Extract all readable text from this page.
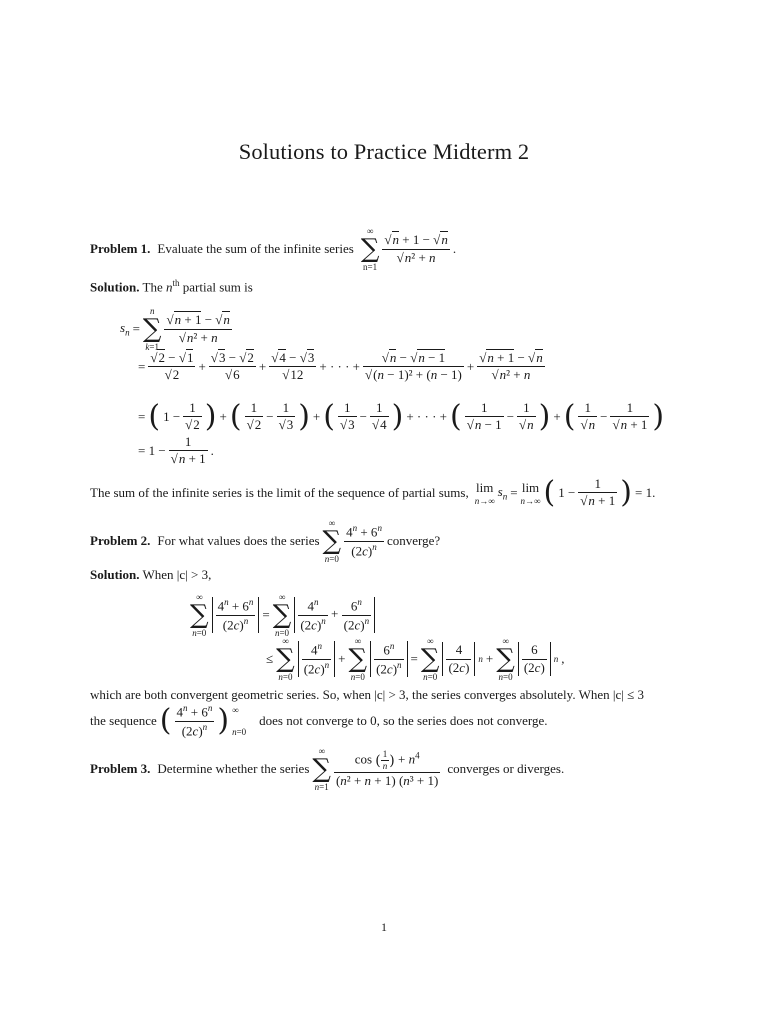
Solutions to Practice Midterm 2
Problem 1. Evaluate the sum of the infinite series
∞
∑
n=1
$\frac{√n + 1 - √n}{\text{√n² + n}}$ .
Solution. The $n^{th}$ partial sum is
$s_n$ =
n
∑
k=1
$\frac{√n + 1 - √n}{\text{√n² + n}}$
= $\frac{√2 - √1}{√2} + \frac{√3 - √2}{√6} + \frac{√4 - √3}{√12}$ + · · · + $\frac{√n - √n - 1}{\text{√(n − 1)² + (n − 1)}} + \frac{√n + 1 - √n}{\text{√n² + n}}$
= ( $1 - \frac{1}{√2}$ ) + ( $\frac{1}{√2} - \frac{1}{√3}$ ) + ( $\frac{1}{√3} - \frac{1}{√4}$ ) + · · · + ( $\frac{1}{√n - 1} - \frac{1}{√n}$ ) + ( $\frac{1}{√n} - \frac{1}{√n + 1}$ )
= $1 - \frac{1}{√n + 1}$ .
The sum of the infinite series is the limit of the sequence of partial sums, lim
n→∞
$s_n = \lim$
n→∞ ( $1 - \frac{1}{√n + 1}$ ) = 1.
Problem 2. For what values does the series
∞
∑
$n=0 \frac{4^n + 6^n}{(2c)^n}$ converge?
Solution. When |c| > 3,
∞
∑
$n=0 \frac{4^n + 6^n}{(2c)^n}$ =
∞
∑
$n=0 \frac{4^n}{(2c)^n} + \frac{6^n}{(2c)^n}$
≤
∞
∑
$n=0 \frac{4^n}{(2c)^n}$ +
∞
∑
$n=0 \frac{6^n}{(2c)^n}$ =
∞
∑
n=0
$\frac{4}{(2c)}$ n +
∞
∑
n=0
$\frac{6}{(2c)}$ n ,
which are both convergent geometric series. So, when |c| > 3, the series converges absolutely. When |c| ≤ 3
the sequence ( $\frac{4^n + 6^n}{(2c)^n}$ ) ∞
n=0
does not converge to 0, so the series does not converge.
Problem 3. Determine whether the series
∞
∑
$n=1 \frac{\cos ( \frac{1}{n} ) + n^4}{\text{(n² + n + 1) (n³ + 1)}}$ converges or diverges.
1
